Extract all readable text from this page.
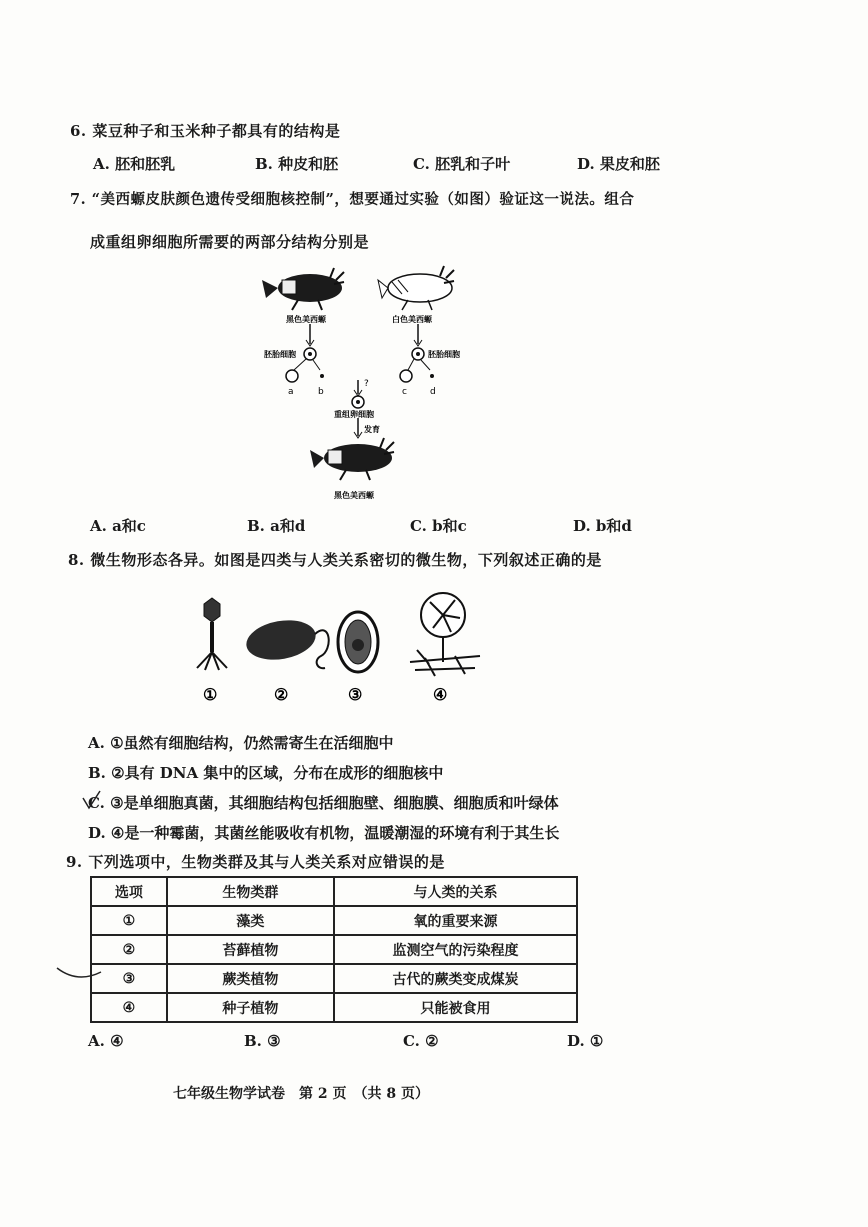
6. 菜豆种子和玉米种子都具有的结构是
A. 胚和胚乳	B. 种皮和胚	C. 胚乳和子叶	D. 果皮和胚
7. “美西螈皮肤颜色遗传受细胞核控制”，想要通过实验（如图）验证这一说法。组合
成重组卵细胞所需要的两部分结构分别是
黑色美西螈	白色美西螈
胚胎细胞	胚胎细胞
a	b	c	d
?
重组卵细胞
发育
黑色美西螈
A. a和c	B. a和d	C. b和c	D. b和d
8. 微生物形态各异。如图是四类与人类关系密切的微生物，下列叙述正确的是
①	②	③	④
A. ①虽然有细胞结构，仍然需寄生在活细胞中
B. ②具有 DNA 集中的区域，分布在成形的细胞核中
C. ③是单细胞真菌，其细胞结构包括细胞壁、细胞膜、细胞质和叶绿体
D. ④是一种霉菌，其菌丝能吸收有机物，温暖潮湿的环境有利于其生长
9. 下列选项中，生物类群及其与人类关系对应错误的是
选项	生物类群	与人类的关系
①	藻类	氧的重要来源
②	苔藓植物	监测空气的污染程度
③	蕨类植物	古代的蕨类变成煤炭
④	种子植物	只能被食用
A. ④	B. ③	C. ②	D. ①
七年级生物学试卷　第 2 页　（共 8 页）
